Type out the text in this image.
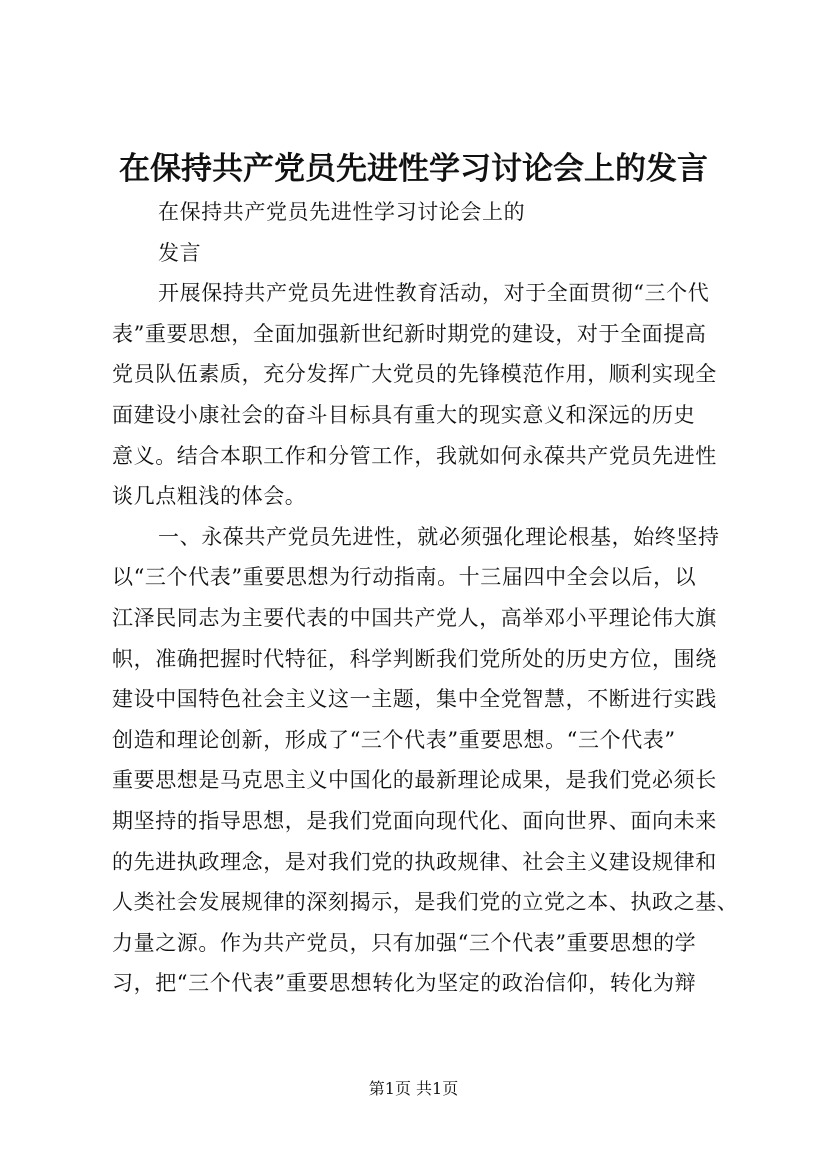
在保持共产党员先进性学习讨论会上的发言
在保持共产党员先进性学习讨论会上的
发言
开展保持共产党员先进性教育活动，对于全面贯彻“三个代
表”重要思想，全面加强新世纪新时期党的建设，对于全面提高
党员队伍素质，充分发挥广大党员的先锋模范作用，顺利实现全
面建设小康社会的奋斗目标具有重大的现实意义和深远的历史
意义。结合本职工作和分管工作，我就如何永葆共产党员先进性
谈几点粗浅的体会。
一、永葆共产党员先进性，就必须强化理论根基，始终坚持
以“三个代表”重要思想为行动指南。十三届四中全会以后，以
江泽民同志为主要代表的中国共产党人，高举邓小平理论伟大旗
帜，准确把握时代特征，科学判断我们党所处的历史方位，围绕
建设中国特色社会主义这一主题，集中全党智慧，不断进行实践
创造和理论创新，形成了“三个代表”重要思想。“三个代表”
重要思想是马克思主义中国化的最新理论成果，是我们党必须长
期坚持的指导思想，是我们党面向现代化、面向世界、面向未来
的先进执政理念，是对我们党的执政规律、社会主义建设规律和
人类社会发展规律的深刻揭示，是我们党的立党之本、执政之基、
力量之源。作为共产党员，只有加强“三个代表”重要思想的学
习，把“三个代表”重要思想转化为坚定的政治信仰，转化为辩
第1页 共1页
